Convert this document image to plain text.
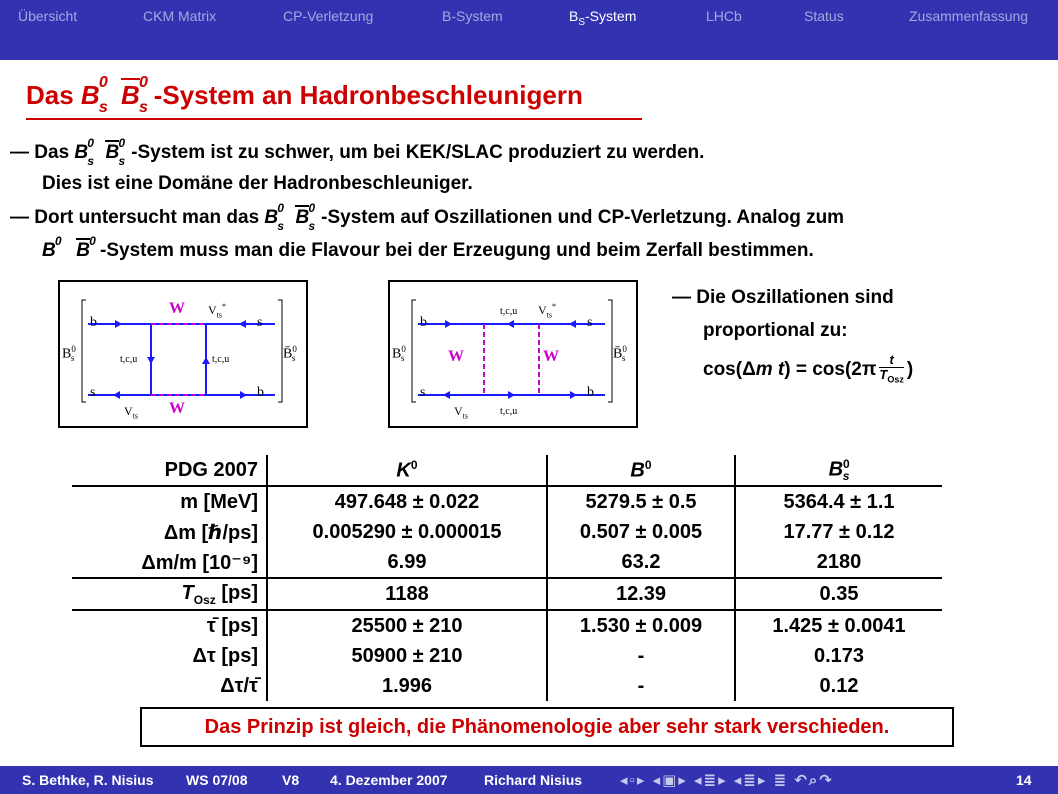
Übersicht	CKM Matrix	CP-Verletzung	B-System	$B_S$-System	LHCb	Status	Zusammenfassung
Das B 0
s B 0
s -System an Hadronbeschleunigern
— Das B 0
s B 0
s -System ist zu schwer, um bei KEK/SLAC produziert zu werden.
Dies ist eine Domäne der Hadronbeschleuniger.
— Dort untersucht man das B 0
s B 0
s -System auf Oszillationen und CP-Verletzung. Analog zum
B 0 B 0 -System muss man die Flavour bei der Erzeugung und beim Zerfall bestimmen.
b	s
s	b
W
W
$V_{ts}^*$
$V_{ts}$
t,c,u	t,c,u
$B^0_s$	B̄$^0_s$
b	s
s	b
W	W
$V_{ts}^*$
$V_{ts}$
t,c,u
t,c,u
$B^0_s$	B̄$^0_s$
— Die Oszillationen sind
proportional zu:
cos(Δm t) = cos(2π	t
$T_{Osz}$ )
PDG 2007	$K^0$	$B^0$	$B^0_s$
m [MeV]	497.648 ± 0.022	5279.5 ± 0.5	5364.4 ± 1.1
Δm [ℏ/ps]	0.005290 ± 0.000015	0.507 ± 0.005	17.77 ± 0.12
Δm/m [10⁻⁹]	6.99	63.2	2180
$T_{Osz}$ [ps]	1188	12.39	0.35
τ̄ [ps]	25500 ± 210	1.530 ± 0.009	1.425 ± 0.0041
Δτ [ps]	50900 ± 210	-	0.173
Δτ/τ̄	1.996	-	0.12
Das Prinzip ist gleich, die Phänomenologie aber sehr stark verschieden.
S. Bethke, R. Nisius WS 07/08 V8 4. Dezember 2007	Richard Nisius	◂▫▸ ◂▣▸ ◂≣▸ ◂≣▸ ≣ ↶⌕↷	14
